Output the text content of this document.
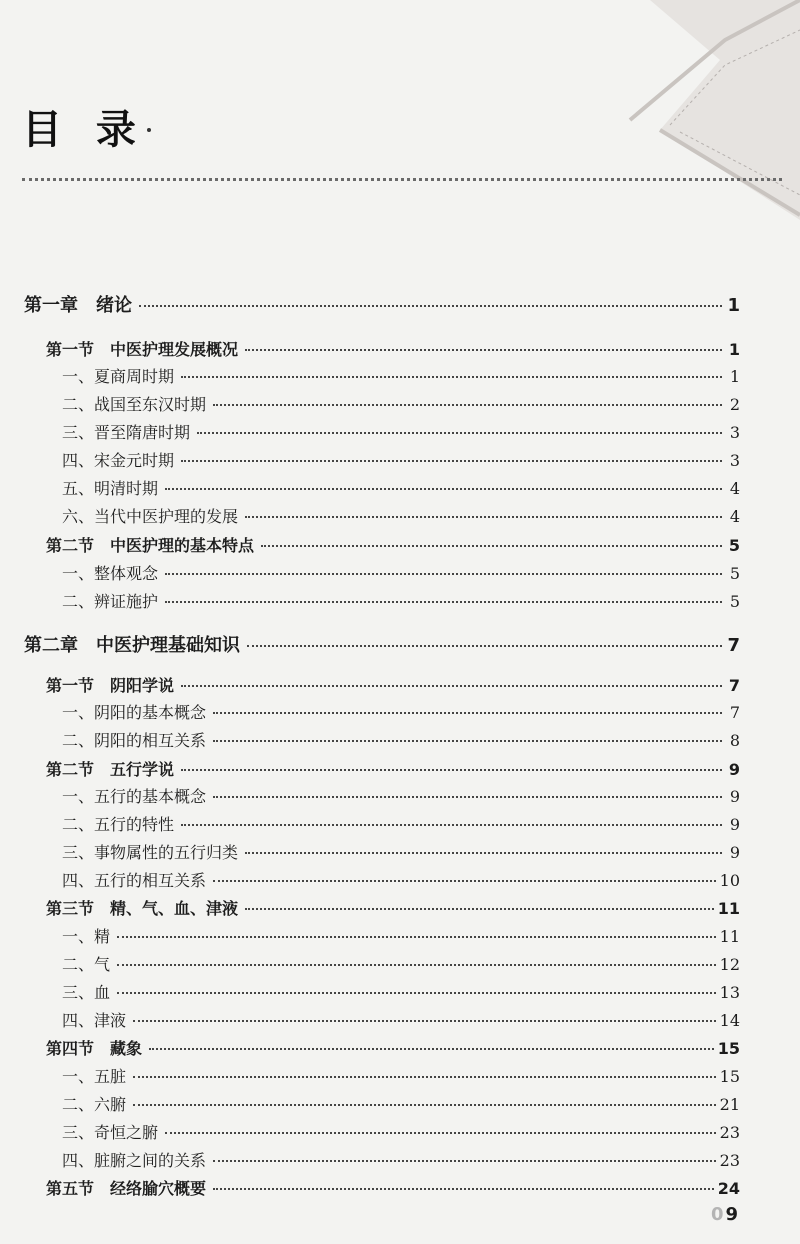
目 录
第一章　绪论	1
第一节　中医护理发展概况	1
一、夏商周时期	1
二、战国至东汉时期	2
三、晋至隋唐时期	3
四、宋金元时期	3
五、明清时期	4
六、当代中医护理的发展	4
第二节　中医护理的基本特点	5
一、整体观念	5
二、辨证施护	5
第二章　中医护理基础知识	7
第一节　阴阳学说	7
一、阴阳的基本概念	7
二、阴阳的相互关系	8
第二节　五行学说	9
一、五行的基本概念	9
二、五行的特性	9
三、事物属性的五行归类	9
四、五行的相互关系	10
第三节　精、气、血、津液	11
一、精	11
二、气	12
三、血	13
四、津液	14
第四节　藏象	15
一、五脏	15
二、六腑	21
三、奇恒之腑	23
四、脏腑之间的关系	23
第五节　经络腧穴概要	24
0 9
